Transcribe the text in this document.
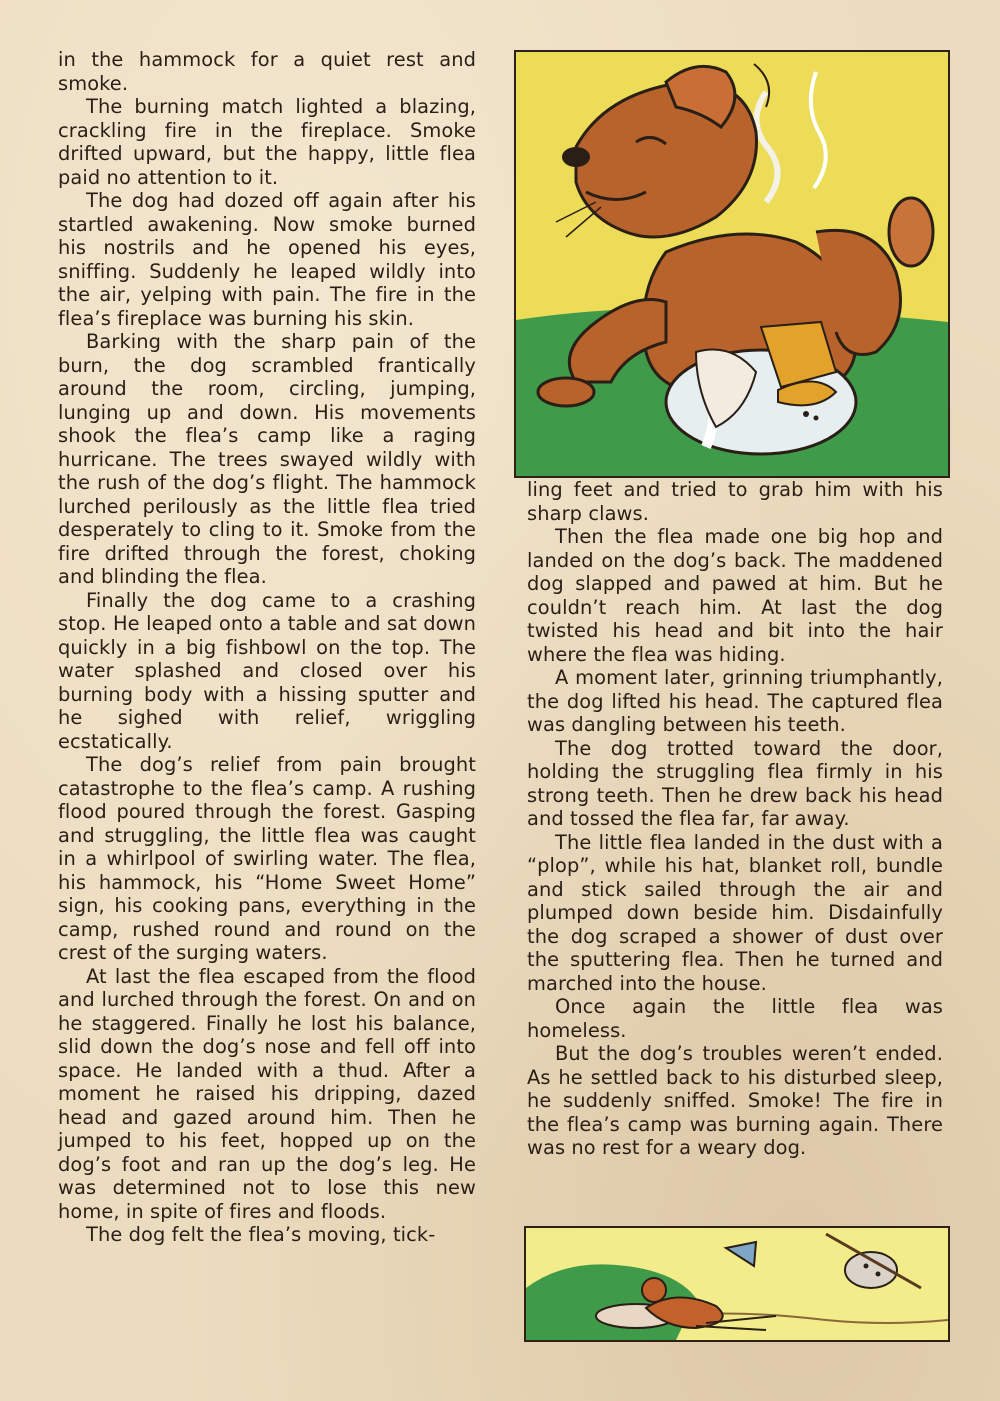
in the hammock for a quiet rest and smoke.

The burning match lighted a blazing, crackling fire in the fireplace. Smoke drifted upward, but the happy, little flea paid no attention to it.

The dog had dozed off again after his startled awakening. Now smoke burned his nostrils and he opened his eyes, sniffing. Suddenly he leaped wildly into the air, yelping with pain. The fire in the flea’s fireplace was burning his skin.

Barking with the sharp pain of the burn, the dog scrambled frantically around the room, circling, jumping, lunging up and down. His movements shook the flea’s camp like a raging hurricane. The trees swayed wildly with the rush of the dog’s flight. The hammock lurched perilously as the little flea tried desperately to cling to it. Smoke from the fire drifted through the forest, choking and blinding the flea.

Finally the dog came to a crashing stop. He leaped onto a table and sat down quickly in a big fishbowl on the top. The water splashed and closed over his burning body with a hissing sputter and he sighed with relief, wriggling ecstatically.

The dog’s relief from pain brought catastrophe to the flea’s camp. A rushing flood poured through the forest. Gasping and struggling, the little flea was caught in a whirlpool of swirling water. The flea, his hammock, his “Home Sweet Home” sign, his cooking pans, everything in the camp, rushed round and round on the crest of the surging waters.

At last the flea escaped from the flood and lurched through the forest. On and on he staggered. Finally he lost his balance, slid down the dog’s nose and fell off into space. He landed with a thud. After a moment he raised his dripping, dazed head and gazed around him. Then he jumped to his feet, hopped up on the dog’s foot and ran up the dog’s leg. He was determined not to lose this new home, in spite of fires and floods.

The dog felt the flea’s moving, tick-

ling feet and tried to grab him with his sharp claws.

Then the flea made one big hop and landed on the dog’s back. The maddened dog slapped and pawed at him. But he couldn’t reach him. At last the dog twisted his head and bit into the hair where the flea was hiding.

A moment later, grinning triumphantly, the dog lifted his head. The captured flea was dangling between his teeth.

The dog trotted toward the door, holding the struggling flea firmly in his strong teeth. Then he drew back his head and tossed the flea far, far away.

The little flea landed in the dust with a “plop”, while his hat, blanket roll, bundle and stick sailed through the air and plumped down beside him. Disdainfully the dog scraped a shower of dust over the sputtering flea. Then he turned and marched into the house.

Once again the little flea was homeless.

But the dog’s troubles weren’t ended. As he settled back to his disturbed sleep, he suddenly sniffed. Smoke! The fire in the flea’s camp was burning again. There was no rest for a weary dog.
